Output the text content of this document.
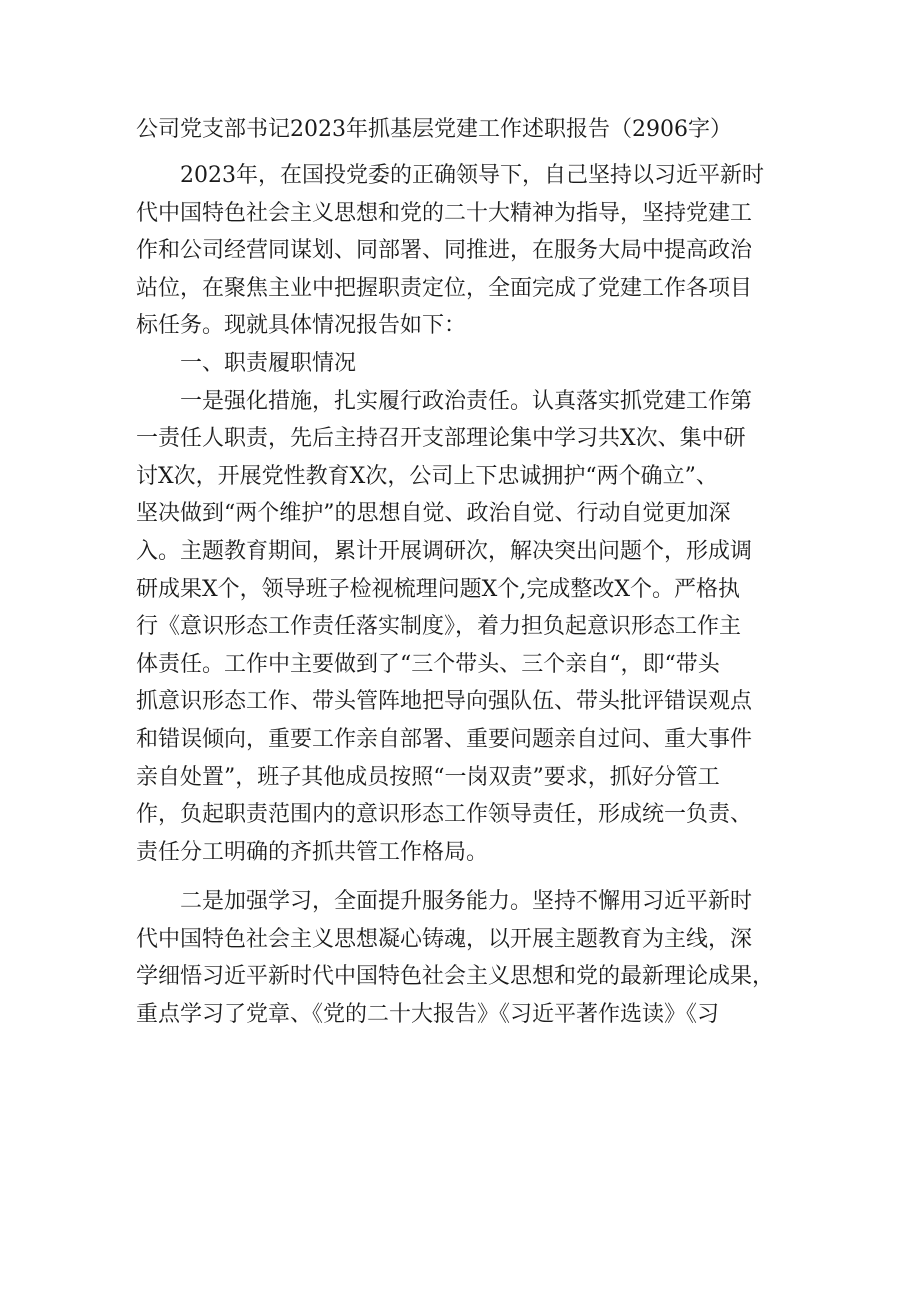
公司党支部书记2023年抓基层党建工作述职报告（2906字）

　　2023年，在国投党委的正确领导下，自己坚持以习近平新时
代中国特色社会主义思想和党的二十大精神为指导，坚持党建工
作和公司经营同谋划、同部署、同推进，在服务大局中提高政治
站位，在聚焦主业中把握职责定位，全面完成了党建工作各项目
标任务。现就具体情况报告如下：

　　一、职责履职情况

　　一是强化措施，扎实履行政治责任。认真落实抓党建工作第
一责任人职责，先后主持召开支部理论集中学习共X次、集中研
讨X次，开展党性教育X次，公司上下忠诚拥护“两个确立”、
坚决做到“两个维护”的思想自觉、政治自觉、行动自觉更加深
入。主题教育期间，累计开展调研次，解决突出问题个，形成调
研成果X个，领导班子检视梳理问题X个,完成整改X个。严格执
行《意识形态工作责任落实制度》，着力担负起意识形态工作主
体责任。工作中主要做到了“三个带头、三个亲自“，即“带头
抓意识形态工作、带头管阵地把导向强队伍、带头批评错误观点
和错误倾向，重要工作亲自部署、重要问题亲自过问、重大事件
亲自处置”，班子其他成员按照“一岗双责”要求，抓好分管工
作，负起职责范围内的意识形态工作领导责任，形成统一负责、
责任分工明确的齐抓共管工作格局。

　　二是加强学习，全面提升服务能力。坚持不懈用习近平新时
代中国特色社会主义思想凝心铸魂，以开展主题教育为主线，深
学细悟习近平新时代中国特色社会主义思想和党的最新理论成果，
重点学习了党章、《党的二十大报告》《习近平著作选读》《习
